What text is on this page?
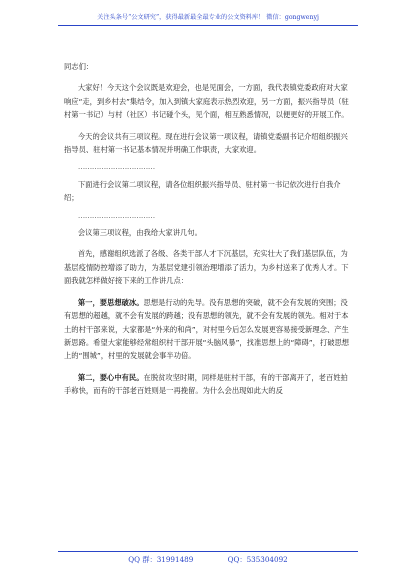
关注头条号“公文研究”，获得最新最全最专业的公文资料库！ 微信：gongwenyj

同志们：

大家好！今天这个会议既是欢迎会，也是见面会，一方面，我代表镇党委政府对大家响应“走，到乡村去”集结令，加入到镇大家庭表示热烈欢迎，另一方面，振兴指导员（驻村第一书记）与村（社区）书记碰个头，见个面，相互熟悉情况，以便更好的开展工作。

今天的会议共有三项议程。现在进行会议第一项议程，请镇党委副书记介绍组织振兴指导员、驻村第一书记基本情况并明确工作职责，大家欢迎。

……………………………

下面进行会议第二项议程，请各位组织振兴指导员、驻村第一书记依次进行自我介绍；

……………………………

会议第三项议程，由我给大家讲几句。

首先，感谢组织选派了各级、各类干部人才下沉基层，充实壮大了我们基层队伍，为基层疫情防控增添了助力，为基层党建引领治理增添了活力，为乡村送来了优秀人才。下面我就怎样做好接下来的工作讲几点：

第一，要思想破冰。思想是行动的先导。没有思想的突破，就不会有发展的突围；没有思想的超越，就不会有发展的跨越；没有思想的领先，就不会有发展的领先。相对于本土的村干部来说，大家都是“外来的和尚”，对村里今后怎么发展更容易接受新理念、产生新思路。希望大家能够经常组织村干部开展“头脑风暴”，找准思想上的“障碍”，打破思想上的“围城”，村里的发展就会事半功倍。

第二，要心中有民。在脱贫攻坚时期，同样是驻村干部，有的干部离开了，老百姓拍手称快，而有的干部老百姓则是一再挽留。为什么会出现如此大的反

QQ 群：31991489	QQ：535304092
